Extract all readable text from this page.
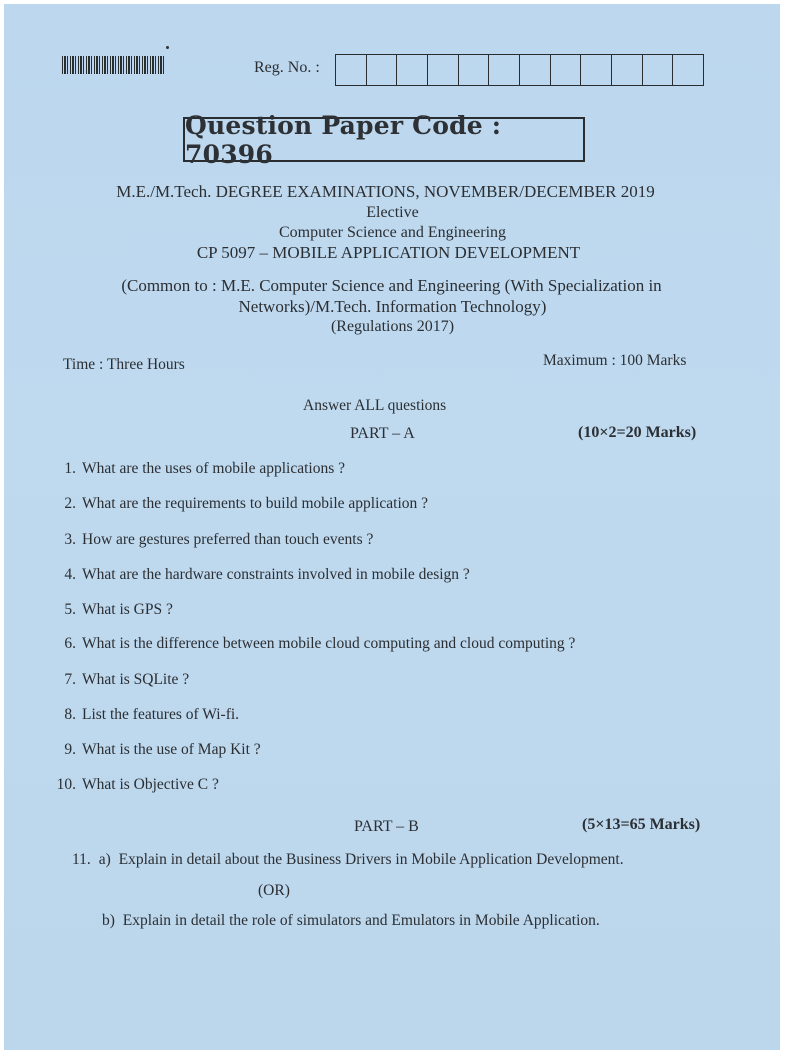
Reg. No. :
Question Paper Code : 70396
M.E./M.Tech. DEGREE EXAMINATIONS, NOVEMBER/DECEMBER 2019
Elective
Computer Science and Engineering
CP 5097 – MOBILE APPLICATION DEVELOPMENT
(Common to : M.E. Computer Science and Engineering (With Specialization in
Networks)/M.Tech. Information Technology)
(Regulations 2017)
Time : Three Hours	Maximum : 100 Marks
Answer ALL questions
PART – A	(10×2=20 Marks)
1. What are the uses of mobile applications ?
2. What are the requirements to build mobile application ?
3. How are gestures preferred than touch events ?
4. What are the hardware constraints involved in mobile design ?
5. What is GPS ?
6. What is the difference between mobile cloud computing and cloud computing ?
7. What is SQLite ?
8. List the features of Wi-fi.
9. What is the use of Map Kit ?
10. What is Objective C ?
PART – B	(5×13=65 Marks)
11. a) Explain in detail about the Business Drivers in Mobile Application Development.
(OR)
b) Explain in detail the role of simulators and Emulators in Mobile Application.
